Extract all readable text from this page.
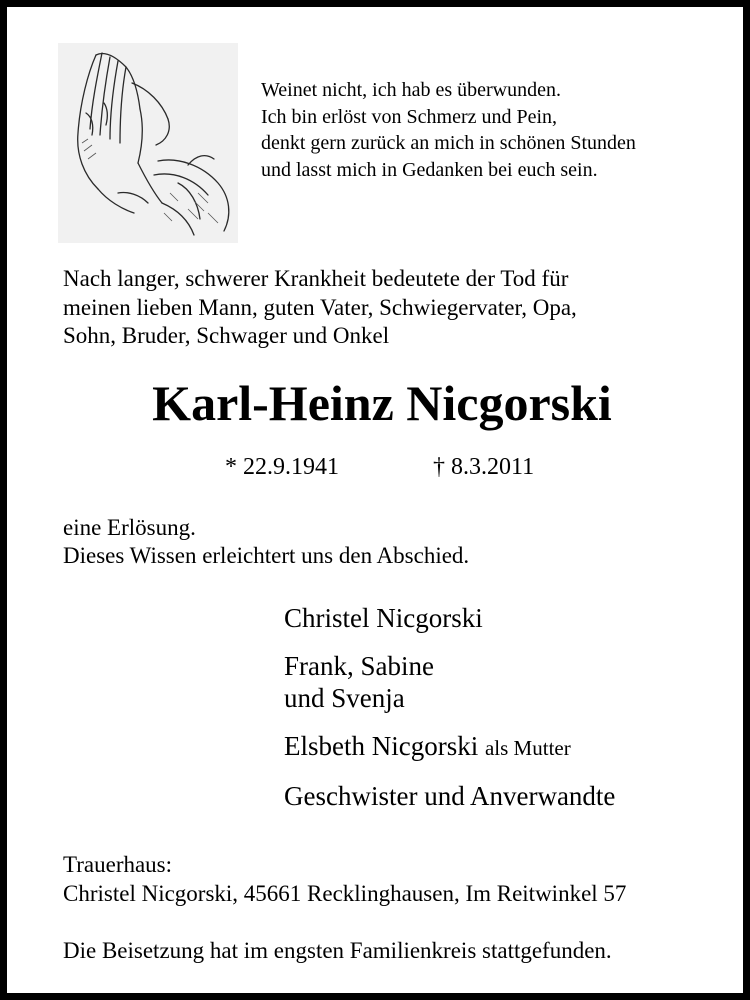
Weinet nicht, ich hab es überwunden.
Ich bin erlöst von Schmerz und Pein,
denkt gern zurück an mich in schönen Stunden
und lasst mich in Gedanken bei euch sein.
Nach langer, schwerer Krankheit bedeutete der Tod für
meinen lieben Mann, guten Vater, Schwiegervater, Opa,
Sohn, Bruder, Schwager und Onkel
Karl-Heinz Nicgorski
* 22.9.1941	† 8.3.2011
eine Erlösung.
Dieses Wissen erleichtert uns den Abschied.
Christel Nicgorski
Frank, Sabine
und Svenja
Elsbeth Nicgorski als Mutter
Geschwister und Anverwandte
Trauerhaus:
Christel Nicgorski, 45661 Recklinghausen, Im Reitwinkel 57
Die Beisetzung hat im engsten Familienkreis stattgefunden.
